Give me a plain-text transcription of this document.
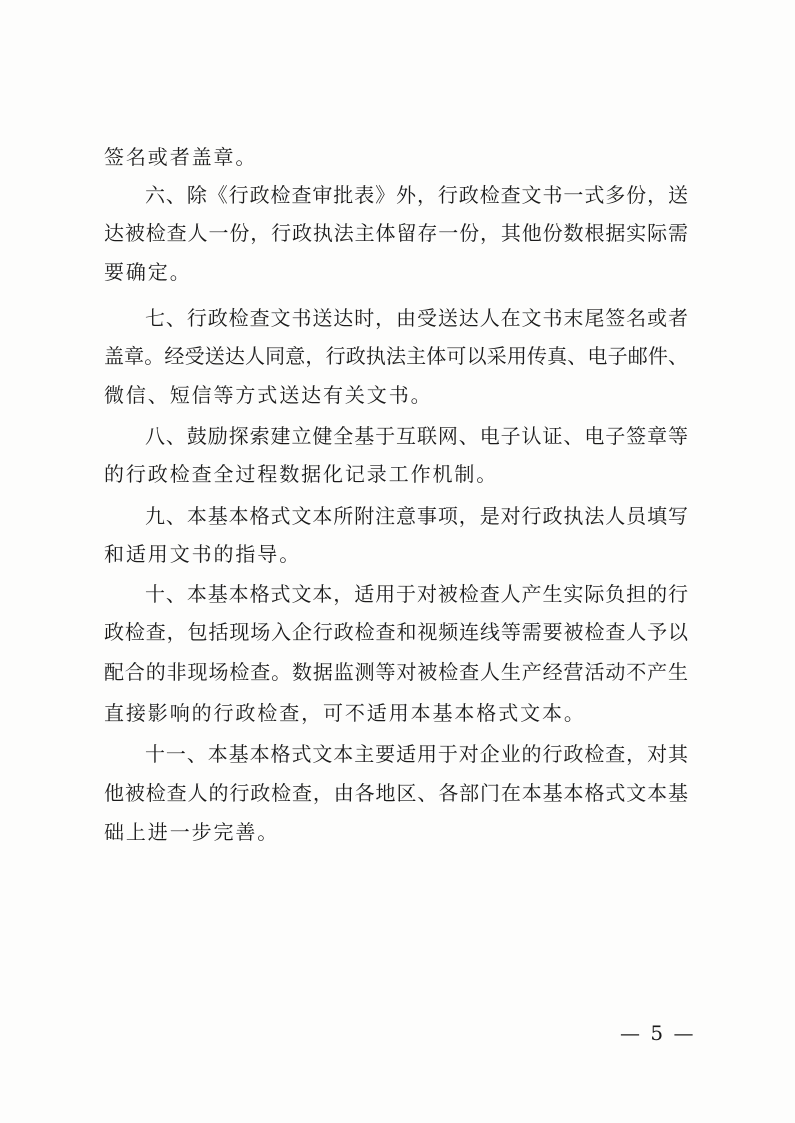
签名或者盖章。
六、除《行政检查审批表》外，行政检查文书一式多份，送
达被检查人一份，行政执法主体留存一份，其他份数根据实际需
要确定。
七、行政检查文书送达时，由受送达人在文书末尾签名或者
盖章。经受送达人同意，行政执法主体可以采用传真、电子邮件、
微信、短信等方式送达有关文书。
八、鼓励探索建立健全基于互联网、电子认证、电子签章等
的行政检查全过程数据化记录工作机制。
九、本基本格式文本所附注意事项，是对行政执法人员填写
和适用文书的指导。
十、本基本格式文本，适用于对被检查人产生实际负担的行
政检查，包括现场入企行政检查和视频连线等需要被检查人予以
配合的非现场检查。数据监测等对被检查人生产经营活动不产生
直接影响的行政检查，可不适用本基本格式文本。
十一、本基本格式文本主要适用于对企业的行政检查，对其
他被检查人的行政检查，由各地区、各部门在本基本格式文本基
础上进一步完善。
— 5 —
